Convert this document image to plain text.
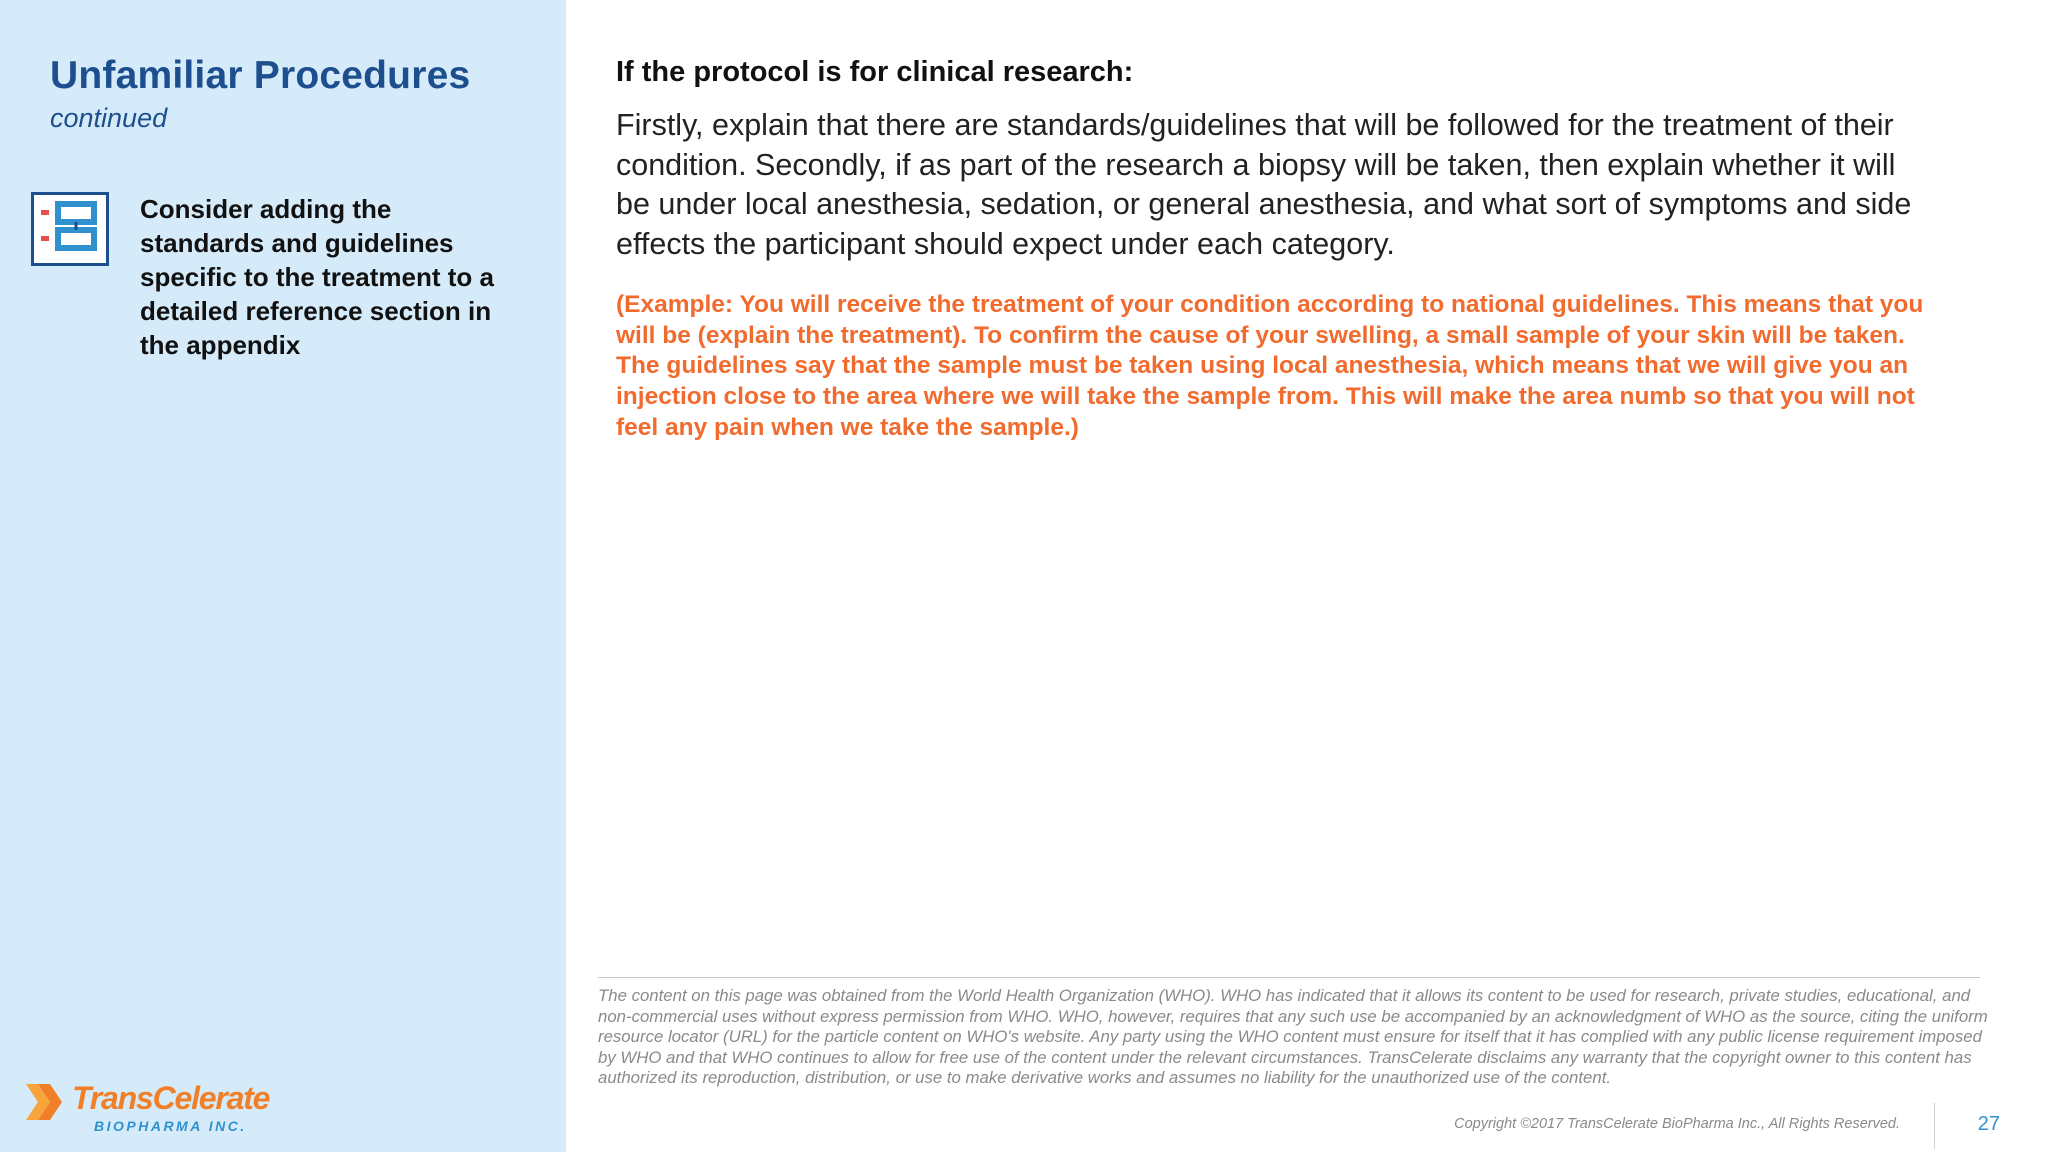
Unfamiliar Procedures
continued
Consider adding the standards and guidelines specific to the treatment to a detailed reference section in the appendix
TransCelerate
BIOPHARMA INC.
If the protocol is for clinical research:

Firstly, explain that there are standards/guidelines that will be followed for the treatment of their condition. Secondly, if as part of the research a biopsy will be taken, then explain whether it will be under local anesthesia, sedation, or general anesthesia, and what sort of symptoms and side effects the participant should expect under each category.

(Example: You will receive the treatment of your condition according to national guidelines. This means that you will be (explain the treatment). To confirm the cause of your swelling, a small sample of your skin will be taken. The guidelines say that the sample must be taken using local anesthesia, which means that we will give you an injection close to the area where we will take the sample from. This will make the area numb so that you will not feel any pain when we take the sample.)

The content on this page was obtained from the World Health Organization (WHO). WHO has indicated that it allows its content to be used for research, private studies, educational, and non-commercial uses without express permission from WHO. WHO, however, requires that any such use be accompanied by an acknowledgment of WHO as the source, citing the uniform resource locator (URL) for the particle content on WHO's website. Any party using the WHO content must ensure for itself that it has complied with any public license requirement imposed by WHO and that WHO continues to allow for free use of the content under the relevant circumstances. TransCelerate disclaims any warranty that the copyright owner to this content has authorized its reproduction, distribution, or use to make derivative works and assumes no liability for the unauthorized use of the content.

Copyright ©2017 TransCelerate BioPharma Inc., All Rights Reserved.	27
